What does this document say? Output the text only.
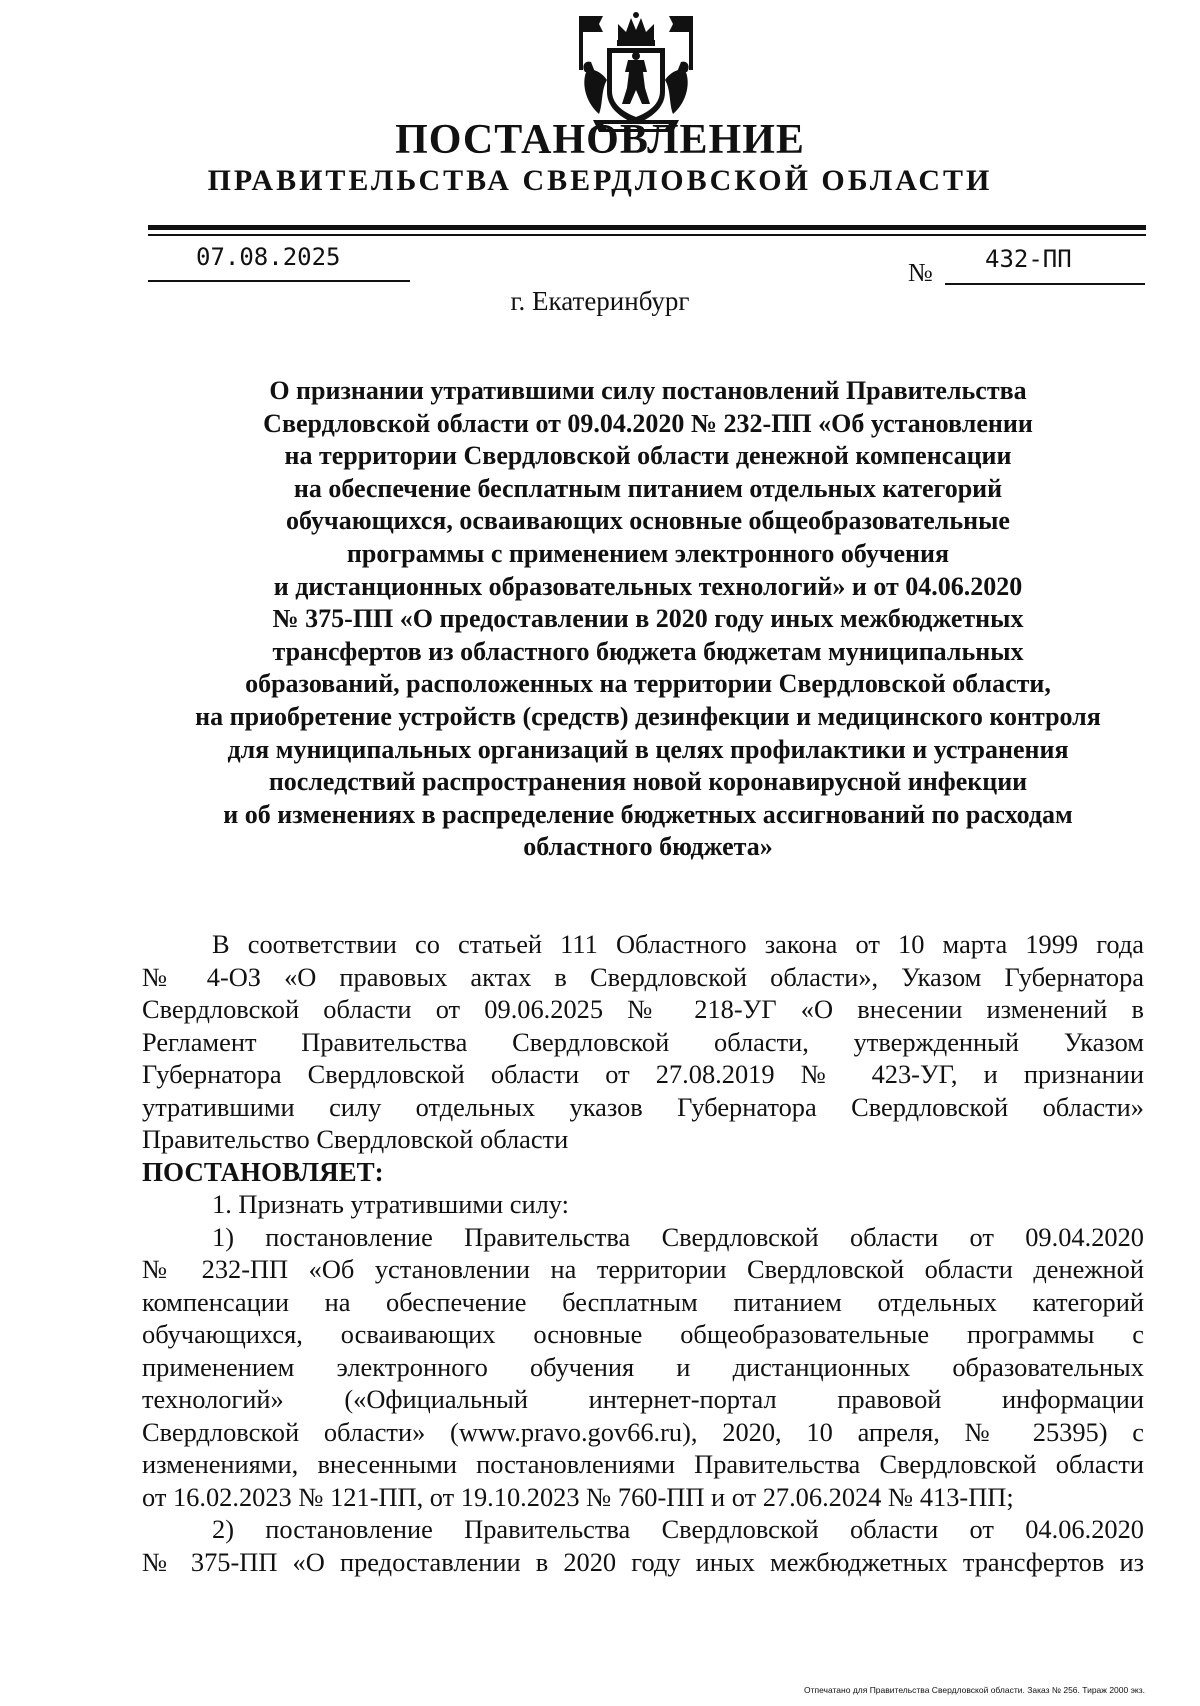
ПОСТАНОВЛЕНИЕ
ПРАВИТЕЛЬСТВА СВЕРДЛОВСКОЙ ОБЛАСТИ
07.08.2025
№ 432-ПП
г. Екатеринбург
О признании утратившими силу постановлений Правительства
Свердловской области от 09.04.2020 № 232-ПП «Об установлении
на территории Свердловской области денежной компенсации
на обеспечение бесплатным питанием отдельных категорий
обучающихся, осваивающих основные общеобразовательные
программы с применением электронного обучения
и дистанционных образовательных технологий» и от 04.06.2020
№ 375-ПП «О предоставлении в 2020 году иных межбюджетных
трансфертов из областного бюджета бюджетам муниципальных
образований, расположенных на территории Свердловской области,
на приобретение устройств (средств) дезинфекции и медицинского контроля
для муниципальных организаций в целях профилактики и устранения
последствий распространения новой коронавирусной инфекции
и об изменениях в распределение бюджетных ассигнований по расходам
областного бюджета»
В соответствии со статьей 111 Областного закона от 10 марта 1999 года
№ 4-ОЗ «О правовых актах в Свердловской области», Указом Губернатора
Свердловской области от 09.06.2025 № 218-УГ «О внесении изменений в
Регламент Правительства Свердловской области, утвержденный Указом
Губернатора Свердловской области от 27.08.2019 № 423-УГ, и признании
утратившими силу отдельных указов Губернатора Свердловской области»
Правительство Свердловской области
ПОСТАНОВЛЯЕТ:
1. Признать утратившими силу:
1) постановление Правительства Свердловской области от 09.04.2020
№ 232-ПП «Об установлении на территории Свердловской области денежной
компенсации на обеспечение бесплатным питанием отдельных категорий
обучающихся, осваивающих основные общеобразовательные программы с
применением электронного обучения и дистанционных образовательных
технологий» («Официальный интернет-портал правовой информации
Свердловской области» (www.pravo.gov66.ru), 2020, 10 апреля, № 25395) с
изменениями, внесенными постановлениями Правительства Свердловской области
от 16.02.2023 № 121-ПП, от 19.10.2023 № 760-ПП и от 27.06.2024 № 413-ПП;
2) постановление Правительства Свердловской области от 04.06.2020
№ 375-ПП «О предоставлении в 2020 году иных межбюджетных трансфертов из
Отпечатано для Правительства Свердловской области. Заказ № 256. Тираж 2000 экз.
